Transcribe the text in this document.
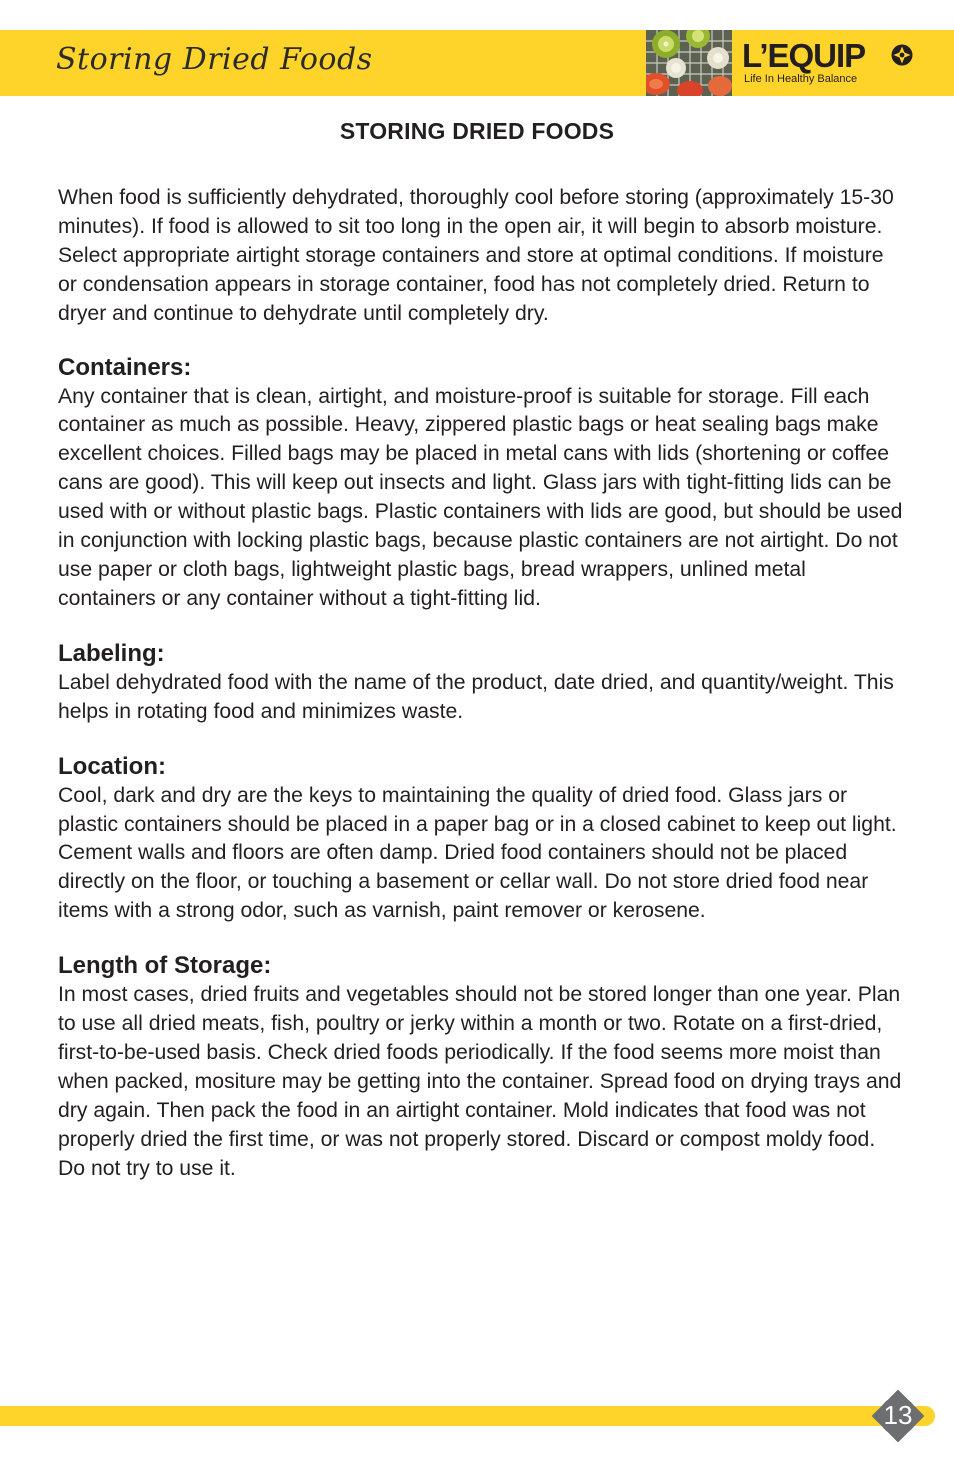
Storing Dried Foods	L’EQUIP
Life In Healthy Balance
STORING DRIED FOODS

When food is sufficiently dehydrated, thoroughly cool before storing (approximately 15-30 minutes). If food is allowed to sit too long in the open air, it will begin to absorb moisture. Select appropriate airtight storage containers and store at optimal conditions. If moisture or condensation appears in storage container, food has not completely dried. Return to dryer and continue to dehydrate until completely dry.

Containers:

Any container that is clean, airtight, and moisture-proof is suitable for storage. Fill each container as much as possible. Heavy, zippered plastic bags or heat sealing bags make excellent choices. Filled bags may be placed in metal cans with lids (shortening or coffee cans are good). This will keep out insects and light. Glass jars with tight-fitting lids can be used with or without plastic bags. Plastic containers with lids are good, but should be used in conjunction with locking plastic bags, because plastic containers are not airtight. Do not use paper or cloth bags, lightweight plastic bags, bread wrappers, unlined metal containers or any container without a tight-fitting lid.

Labeling:

Label dehydrated food with the name of the product, date dried, and quantity/weight. This helps in rotating food and minimizes waste.

Location:

Cool, dark and dry are the keys to maintaining the quality of dried food. Glass jars or plastic containers should be placed in a paper bag or in a closed cabinet to keep out light. Cement walls and floors are often damp. Dried food containers should not be placed directly on the floor, or touching a basement or cellar wall. Do not store dried food near items with a strong odor, such as varnish, paint remover or kerosene.

Length of Storage:

In most cases, dried fruits and vegetables should not be stored longer than one year. Plan to use all dried meats, fish, poultry or jerky within a month or two. Rotate on a first-dried, first-to-be-used basis. Check dried foods periodically. If the food seems more moist than when packed, mositure may be getting into the container. Spread food on drying trays and dry again. Then pack the food in an airtight container. Mold indicates that food was not properly dried the first time, or was not properly stored. Discard or compost moldy food. Do not try to use it.

13
